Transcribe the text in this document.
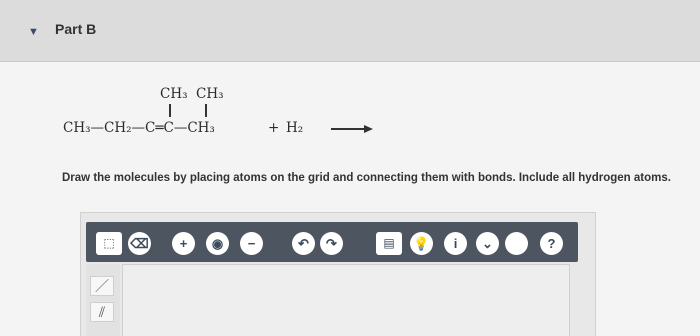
▼ Part B
CH₃ CH₃
CH₃—CH₂—C═C—CH₃	+ H₂
Draw the molecules by placing atoms on the grid and connecting them with bonds. Include all hydrogen atoms.
⬚	⌫	+	◉	−	↶	↷	▤	💡	i	⌄	?
／
⫽
